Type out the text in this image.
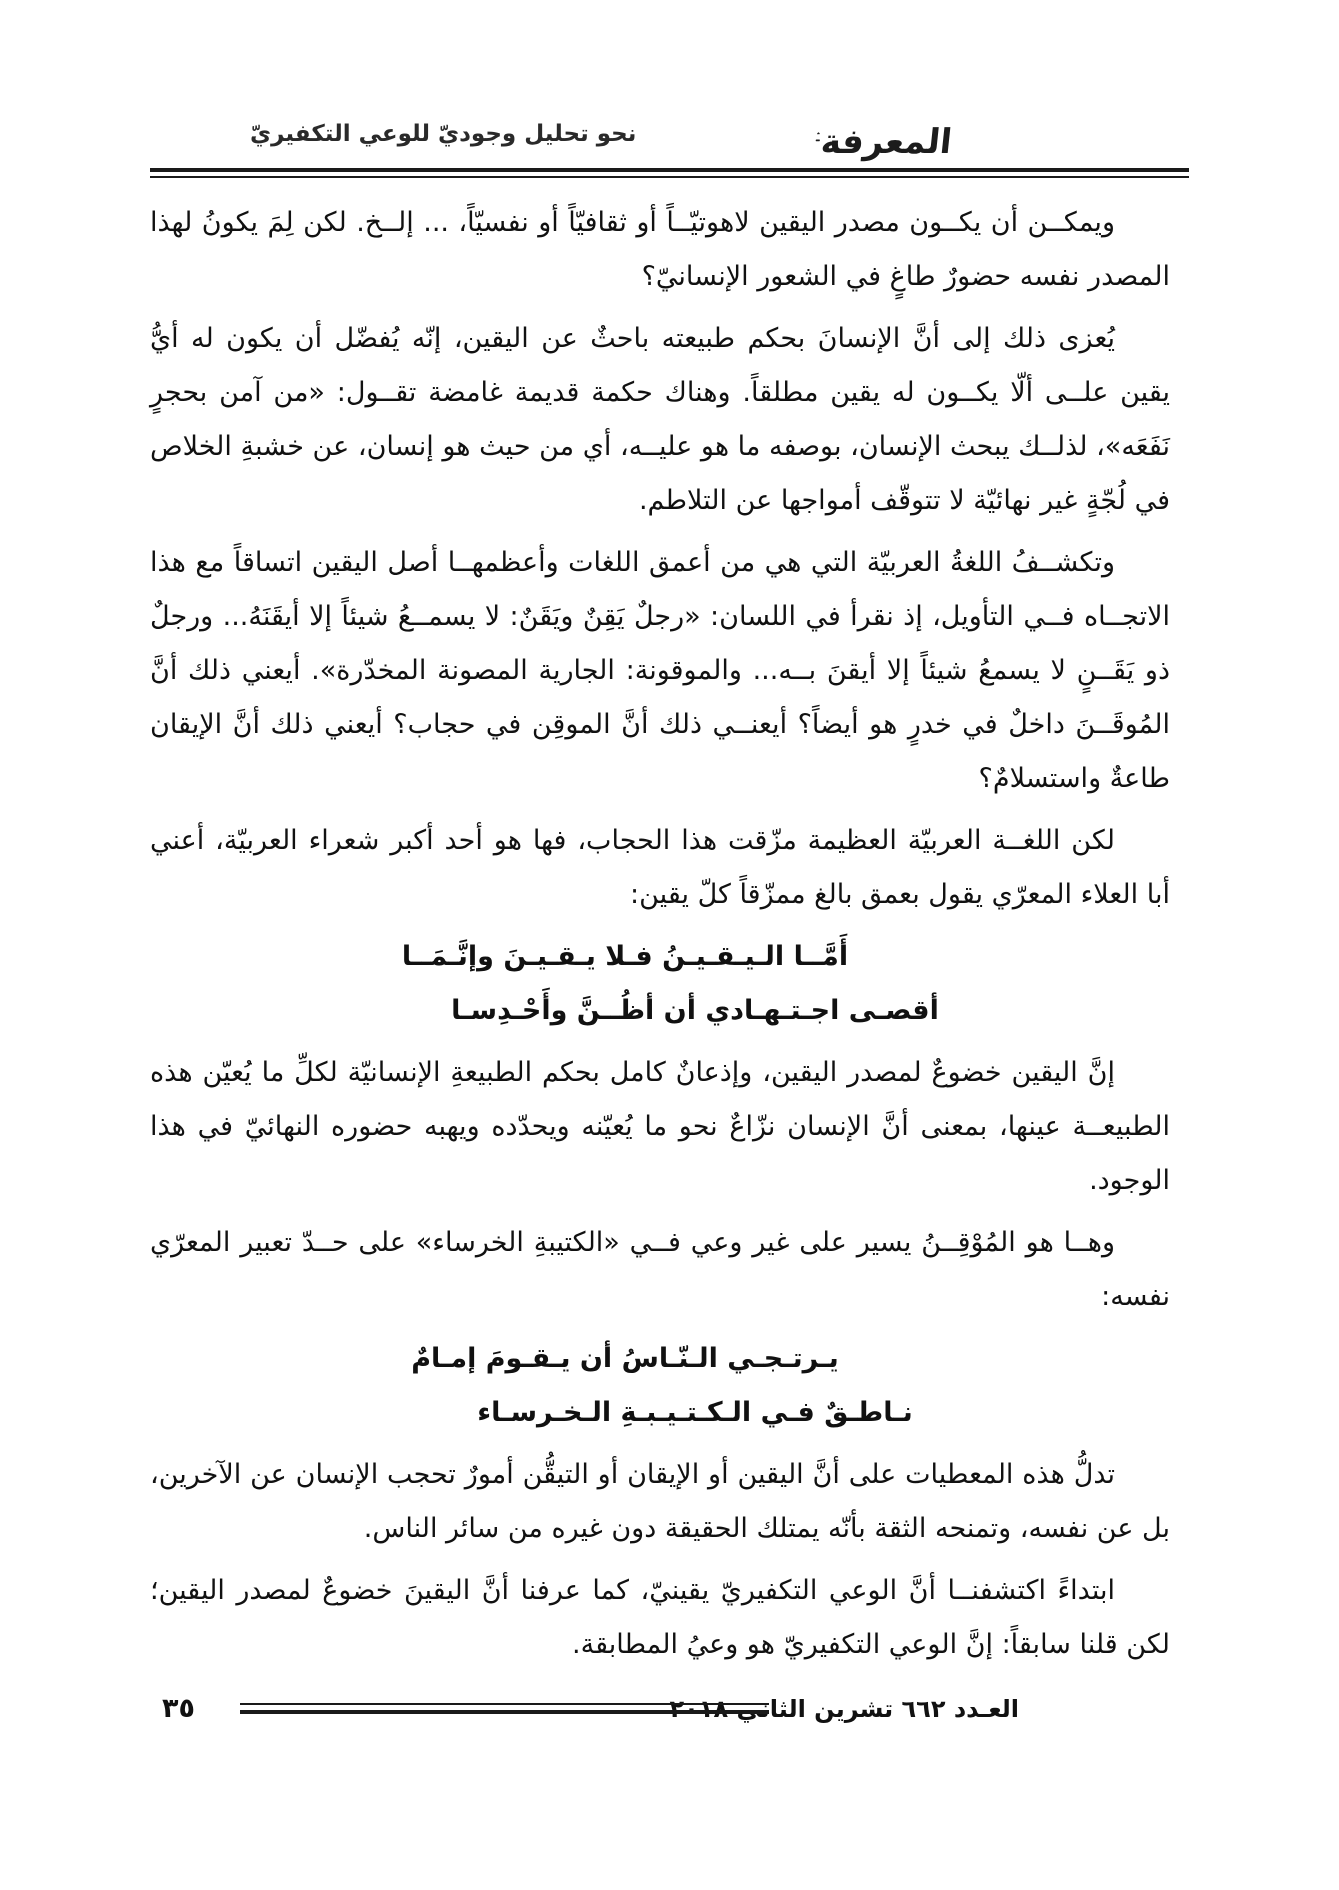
نحو تحليل وجوديّ للوعي التكفيريّ	المعرفة ـۛ

ويمكــن أن يكــون مصدر اليقين لاهوتيّــاً أو ثقافيّاً أو نفسيّاً، ... إلــخ. لكن لِمَ يكونُ لهذا المصدر نفسه حضورٌ طاغٍ في الشعور الإنسانيّ؟

يُعزى ذلك إلى أنَّ الإنسانَ بحكم طبيعته باحثٌ عن اليقين، إنّه يُفضّل أن يكون له أيُّ يقين علــى ألّا يكــون له يقين مطلقاً. وهناك حكمة قديمة غامضة تقــول: «من آمن بحجرٍ نَفَعَه»، لذلــك يبحث الإنسان، بوصفه ما هو عليــه، أي من حيث هو إنسان، عن خشبةِ الخلاص في لُجّةٍ غير نهائيّة لا تتوقّف أمواجها عن التلاطم.

وتكشــفُ اللغةُ العربيّة التي هي من أعمق اللغات وأعظمهــا أصل اليقين اتساقاً مع هذا الاتجــاه فــي التأويل، إذ نقرأ في اللسان: «رجلٌ يَقِنٌ ويَقَنٌ: لا يسمــعُ شيئاً إلا أيقَنَهُ... ورجلٌ ذو يَقَــنٍ لا يسمعُ شيئاً إلا أيقنَ بــه... والموقونة: الجارية المصونة المخدّرة». أيعني ذلك أنَّ المُوقَــنَ داخلٌ في خدرٍ هو أيضاً؟ أيعنــي ذلك أنَّ الموقِن في حجاب؟ أيعني ذلك أنَّ الإيقان طاعةٌ واستسلامٌ؟

لكن اللغــة العربيّة العظيمة مزّقت هذا الحجاب، فها هو أحد أكبر شعراء العربيّة، أعني أبا العلاء المعرّي يقول بعمق بالغ ممزّقاً كلّ يقين:

أَمَّــا الـيـقـيـنُ فـلا يـقـيـنَ وإنَّـمَــا
أقصـى اجـتـهـادي أن أظُــنَّ وأَحْـدِسـا

إنَّ اليقين خضوعٌ لمصدر اليقين، وإذعانٌ كامل بحكم الطبيعةِ الإنسانيّة لكلِّ ما يُعيّن هذه الطبيعــة عينها، بمعنى أنَّ الإنسان نزّاعٌ نحو ما يُعيّنه ويحدّده ويهبه حضوره النهائيّ في هذا الوجود.

وهــا هو المُوْقِــنُ يسير على غير وعي فــي «الكتيبةِ الخرساء» على حــدّ تعبير المعرّي نفسه:

يـرتـجـي الـنّـاسُ أن يـقـومَ إمـامٌ
نـاطـقٌ فـي الـكـتـيـبـةِ الـخـرسـاء

تدلُّ هذه المعطيات على أنَّ اليقين أو الإيقان أو التيقُّن أمورٌ تحجب الإنسان عن الآخرين، بل عن نفسه، وتمنحه الثقة بأنّه يمتلك الحقيقة دون غيره من سائر الناس.

ابتداءً اكتشفنــا أنَّ الوعي التكفيريّ يقينيّ، كما عرفنا أنَّ اليقينَ خضوعٌ لمصدر اليقين؛ لكن قلنا سابقاً: إنَّ الوعي التكفيريّ هو وعيُ المطابقة.

العـدد ٦٦٢ تشرين الثاني ٢٠١٨
٣٥
